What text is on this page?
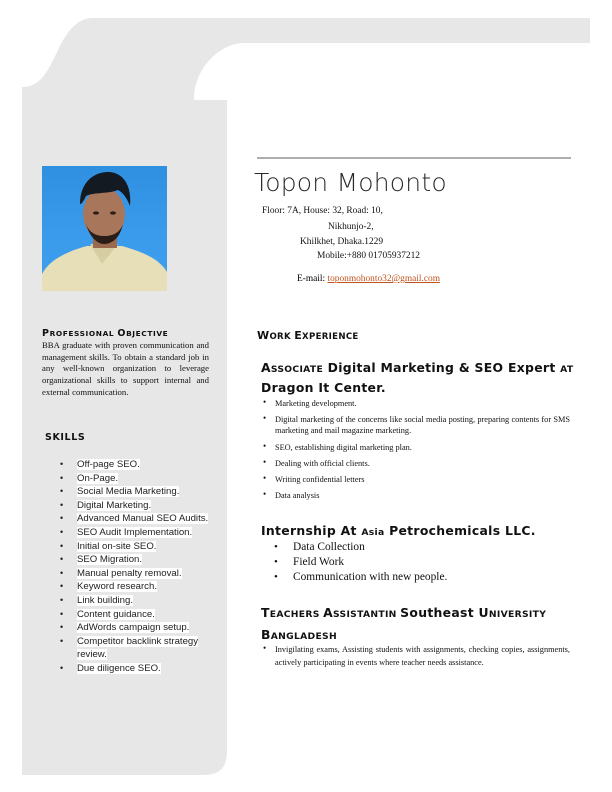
Topon Mohonto
Floor: 7A, House: 32, Road: 10,
Nikhunjo-2,
Khilkhet, Dhaka.1229
Mobile:+880 01705937212
E-mail: toponmohonto32@gmail.com
PROFESSIONAL OBJECTIVE
BBA graduate with proven communication and management skills. To obtain a standard job in any well-known organization to leverage organizational skills to support internal and external communication.
SKILLS
• Off-page SEO.
• On-Page.
• Social Media Marketing.
• Digital Marketing.
• Advanced Manual SEO Audits.
• SEO Audit Implementation.
• Initial on-site SEO.
• SEO Migration.
• Manual penalty removal.
• Keyword research.
• Link building.
• Content guidance.
• AdWords campaign setup.
• Competitor backlink strategy review.
• Due diligence SEO.
WORK EXPERIENCE
ASSOCIATE Digital Marketing & SEO Expert AT
Dragon It Center.
• Marketing development.
• Digital marketing of the concerns like social media posting, preparing contents for SMS marketing and mail magazine marketing.
• SEO, establishing digital marketing plan.
• Dealing with official clients.
• Writing confidential letters
• Data analysis
Internship At Asia Petrochemicals LLC.
• Data Collection
• Field Work
• Communication with new people.
TEACHERS ASSISTANTIN Southeast UNIVERSITY
BANGLADESH
• Invigilating exams, Assisting students with assignments, checking copies, assignments, actively participating in events where teacher needs assistance.
